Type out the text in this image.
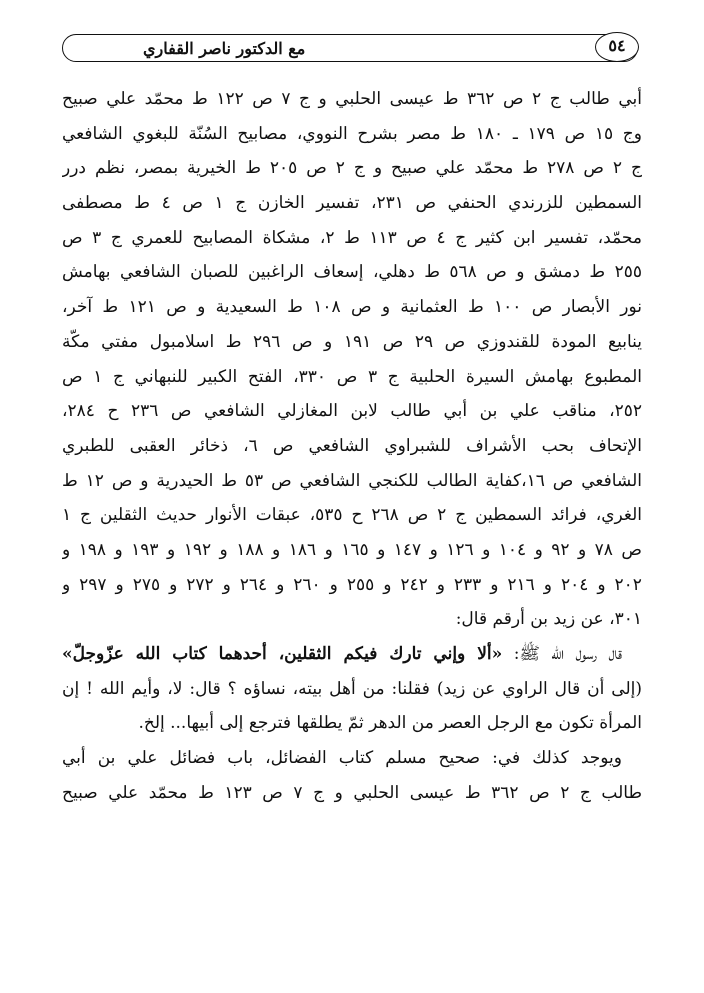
مع الدكتور ناصر القفاري	٥٤
أبي طالب ج ٢ ص ٣٦٢ ط عيسى الحلبي و ج ٧ ص ١٢٢ ط محمّد علي صبيح
وج ١٥ ص ١٧٩ ـ ١٨٠ ط مصر بشرح النووي، مصابيح السُنّة للبغوي الشافعي
ج ٢ ص ٢٧٨ ط محمّد علي صبيح و ج ٢ ص ٢٠٥ ط الخيرية بمصر، نظم درر
السمطين للزرندي الحنفي ص ٢٣١، تفسير الخازن ج ١ ص ٤ ط مصطفى
محمّد، تفسير ابن كثير ج ٤ ص ١١٣ ط ٢، مشكاة المصابيح للعمري ج ٣ ص
٢٥٥ ط دمشق و ص ٥٦٨ ط دهلي، إسعاف الراغبين للصبان الشافعي بهامش
نور الأبصار ص ١٠٠ ط العثمانية و ص ١٠٨ ط السعيدية و ص ١٢١ ط آخر،
ينابيع المودة للقندوزي ص ٢٩ ص ١٩١ و ص ٢٩٦ ط اسلامبول مفتي مكّة
المطبوع بهامش السيرة الحلبية ج ٣ ص ٣٣٠، الفتح الكبير للنبهاني ج ١ ص
٢٥٢، مناقب علي بن أبي طالب لابن المغازلي الشافعي ص ٢٣٦ ح ٢٨٤،
الإتحاف بحب الأشراف للشبراوي الشافعي ص ٦، ذخائر العقبى للطبري
الشافعي ص ١٦،كفاية الطالب للكنجي الشافعي ص ٥٣ ط الحيدرية و ص ١٢ ط
الغري، فرائد السمطين ج ٢ ص ٢٦٨ ح ٥٣٥، عبقات الأنوار حديث الثقلين ج ١
ص ٧٨ و ٩٢ و ١٠٤ و ١٢٦ و ١٤٧ و ١٦٥ و ١٨٦ و ١٨٨ و ١٩٢ و ١٩٣ و ١٩٨ و
٢٠٢ و ٢٠٤ و ٢١٦ و ٢٣٣ و ٢٤٢ و ٢٥٥ و ٢٦٠ و ٢٦٤ و ٢٧٢ و ٢٧٥ و ٢٩٧ و
٣٠١، عن زيد بن أرقم قال:
قال رسول الله ﷺ: «ألا وإني تارك فيكم الثقلين، أحدهما كتاب الله عزّوجلّ»
(إلى أن قال الراوي عن زيد) فقلنا: من أهل بيته، نساؤه ؟ قال: لا، وأيم الله ! إن
المرأة تكون مع الرجل العصر من الدهر ثمّ يطلقها فترجع إلى أبيها... إلخ.
ويوجد كذلك في: صحيح مسلم كتاب الفضائل، باب فضائل علي بن أبي
طالب ج ٢ ص ٣٦٢ ط عيسى الحلبي و ج ٧ ص ١٢٣ ط محمّد علي صبيح
